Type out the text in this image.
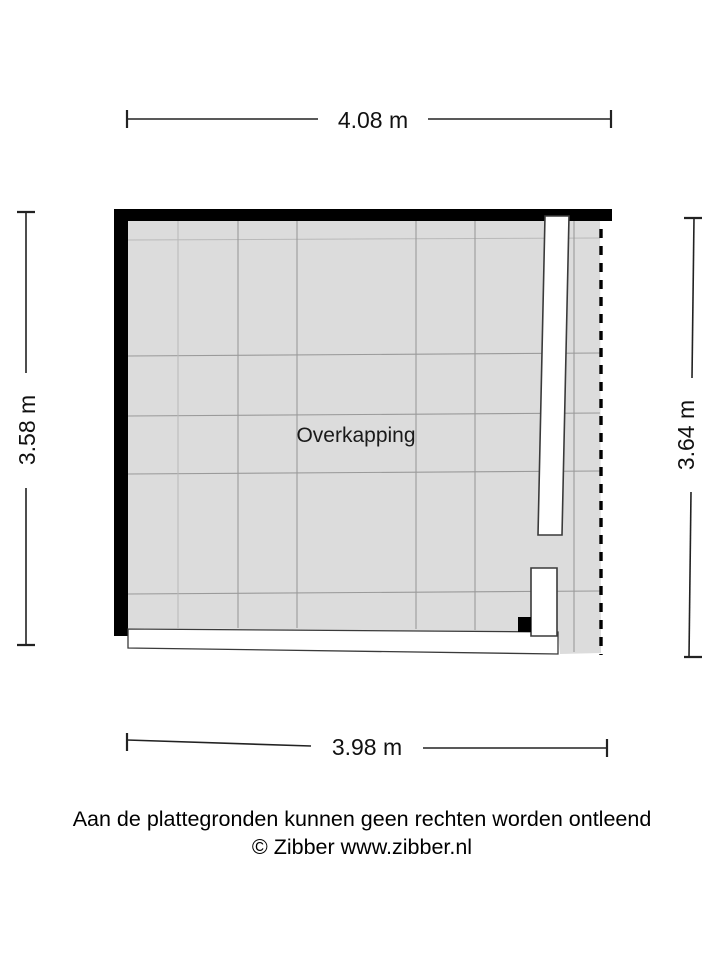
4.08 m
3.58 m	3.64 m
3.98 m
Overkapping
Aan de plattegronden kunnen geen rechten worden ontleend
© Zibber www.zibber.nl
